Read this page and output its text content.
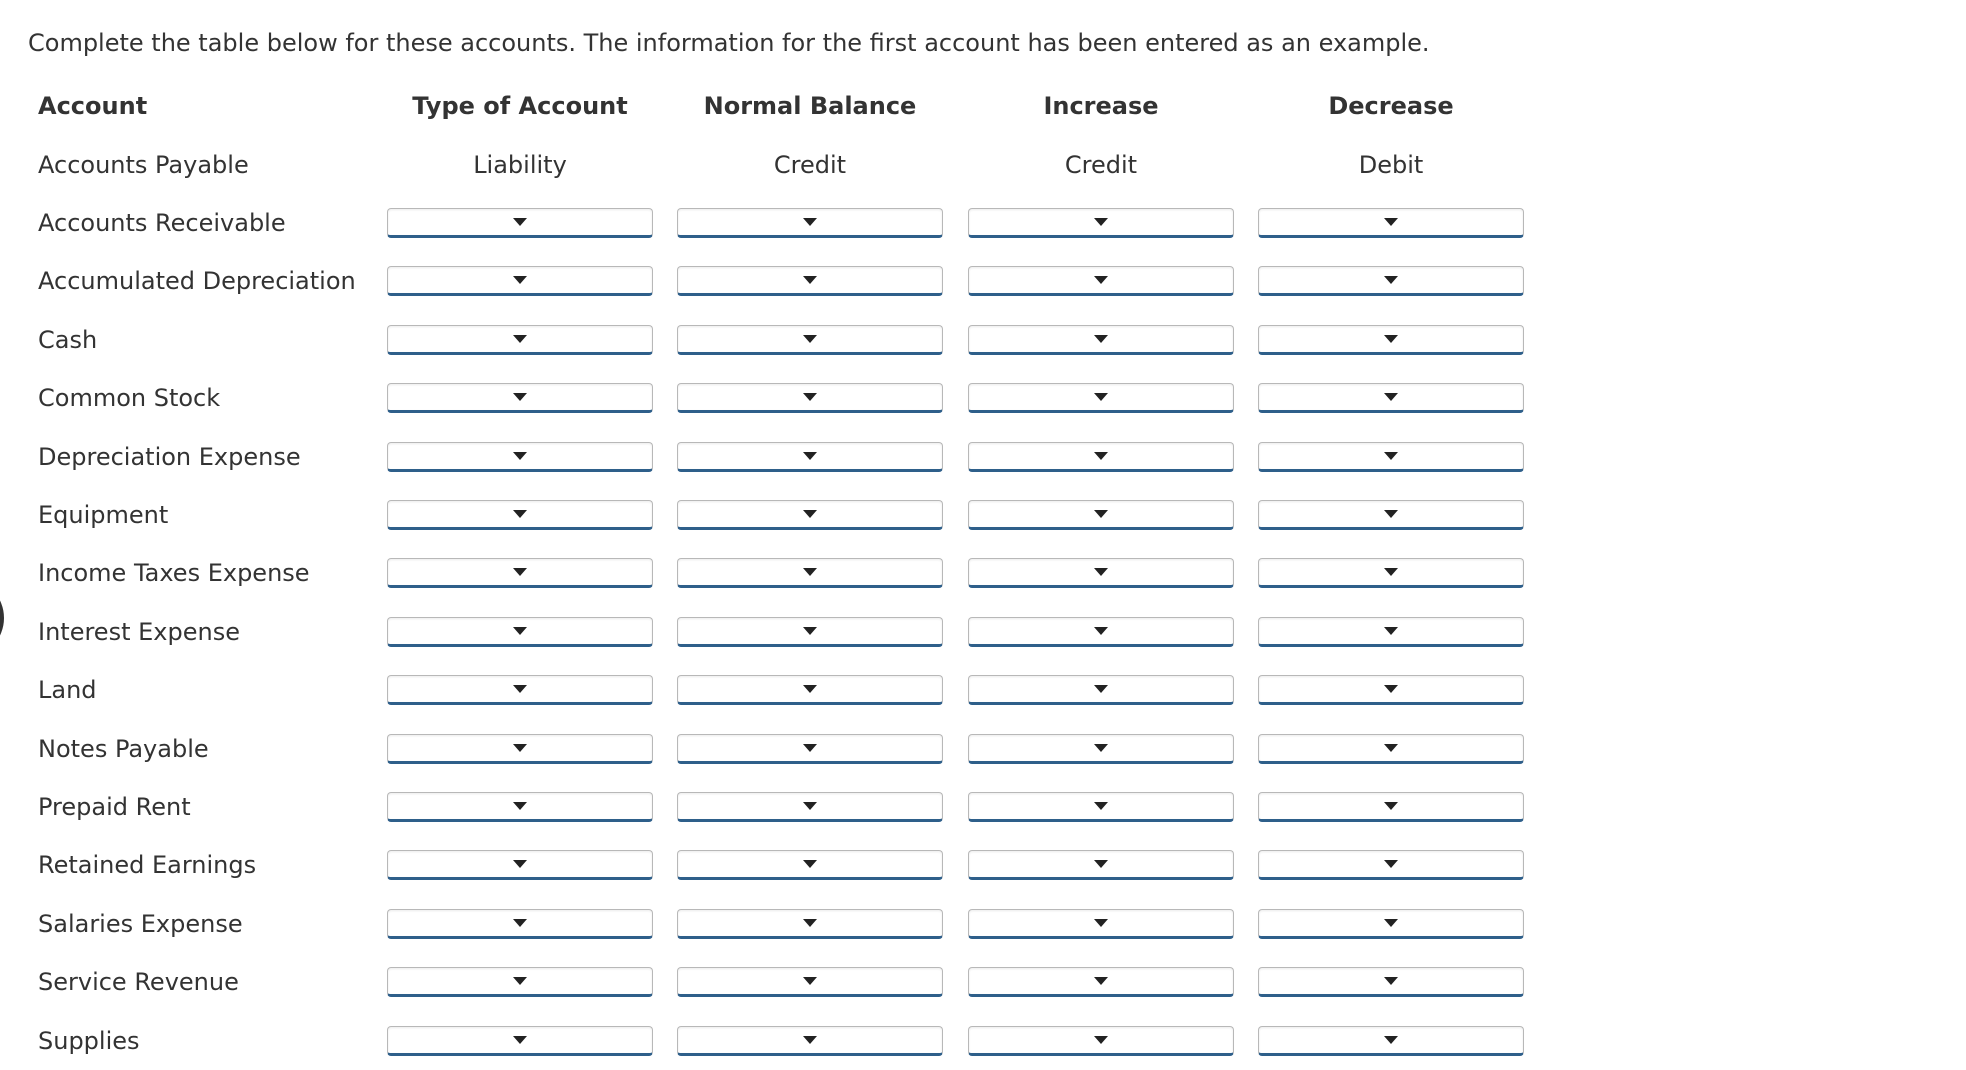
Complete the table below for these accounts. The information for the first account has been entered as an example.

Account	Type of Account	Normal Balance	Increase	Decrease
Accounts Payable	Liability	Credit	Credit	Debit
Accounts Receivable
Accumulated Depreciation
Cash
Common Stock
Depreciation Expense
Equipment
Income Taxes Expense
Interest Expense
Land
Notes Payable
Prepaid Rent
Retained Earnings
Salaries Expense
Service Revenue
Supplies
